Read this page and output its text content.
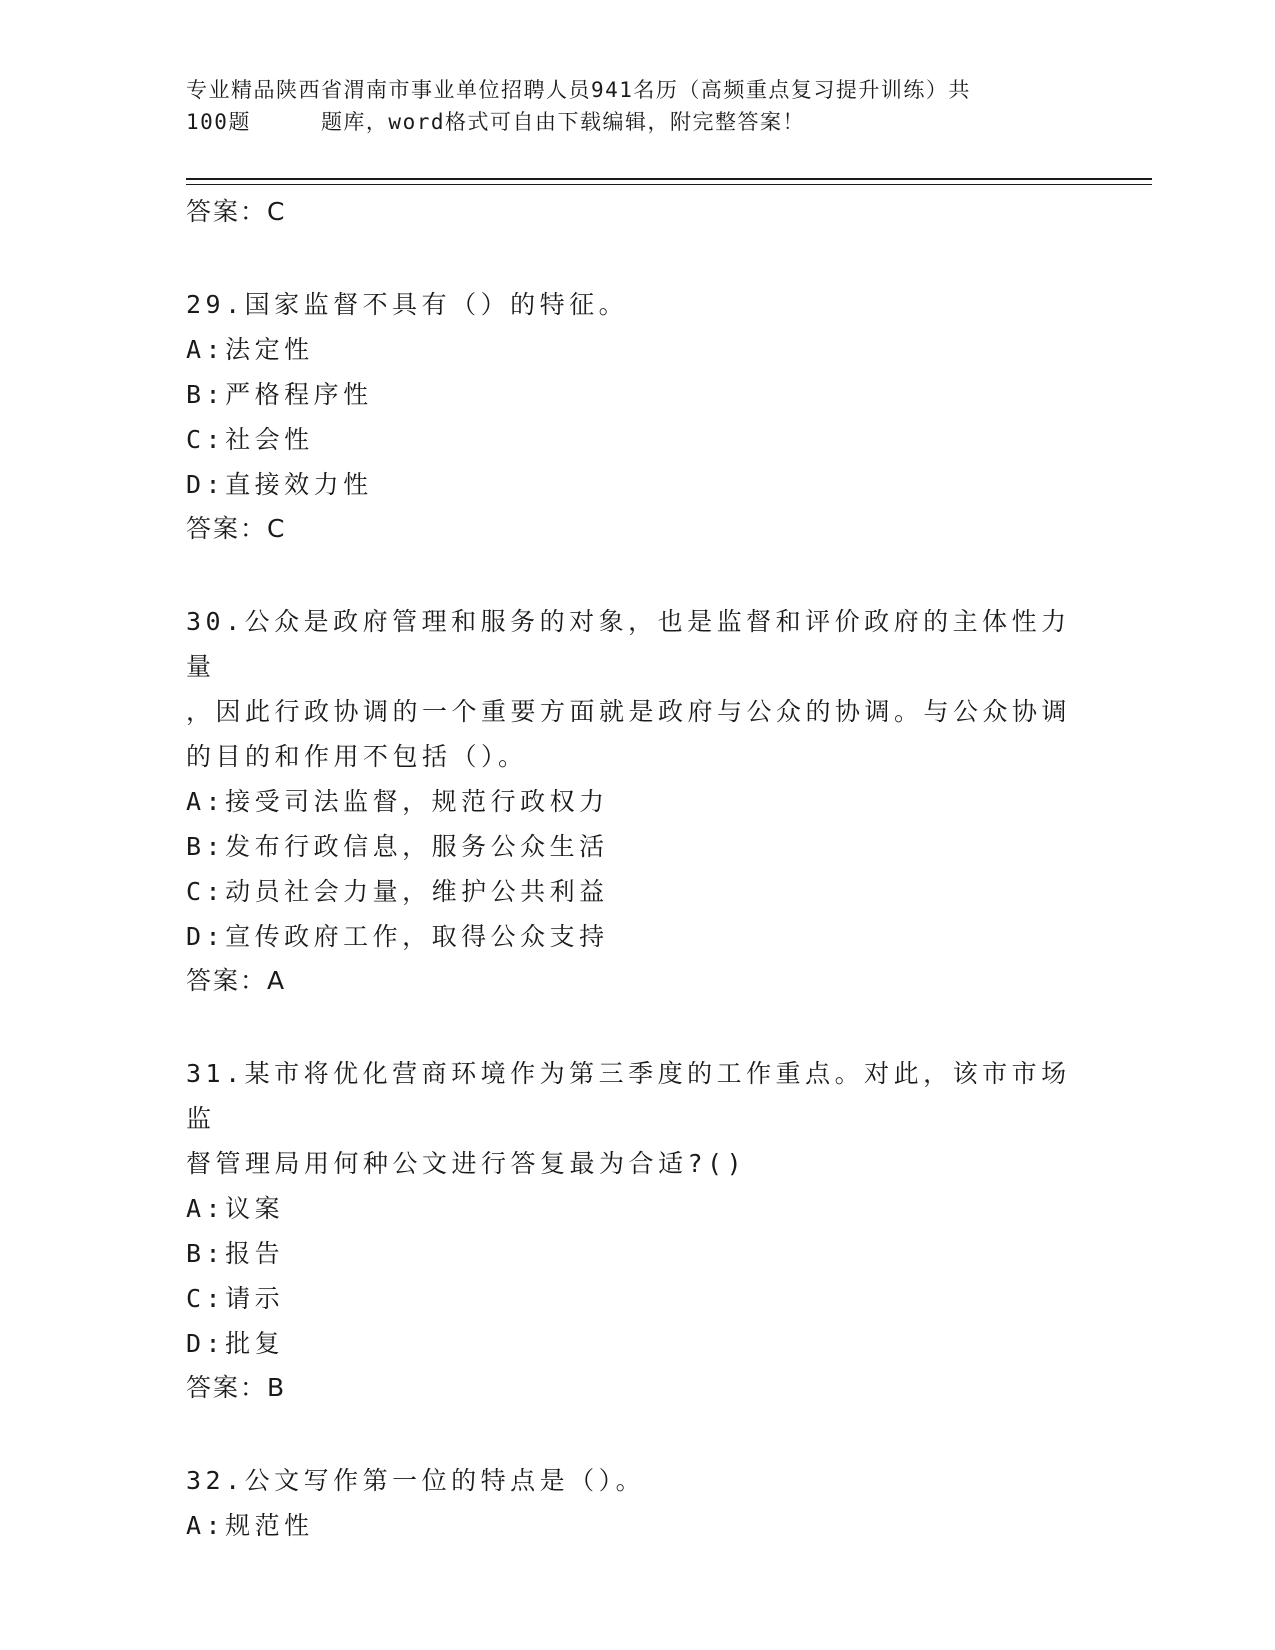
专业精品陕西省渭南市事业单位招聘人员941名历（高频重点复习提升训练）共
100题	题库，word格式可自由下载编辑，附完整答案！
答案：C
29.国家监督不具有（）的特征。
A:法定性
B:严格程序性
C:社会性
D:直接效力性
答案：C
30.公众是政府管理和服务的对象，也是监督和评价政府的主体性力量
，因此行政协调的一个重要方面就是政府与公众的协调。与公众协调
的目的和作用不包括（）。
A:接受司法监督，规范行政权力
B:发布行政信息，服务公众生活
C:动员社会力量，维护公共利益
D:宣传政府工作，取得公众支持
答案：A
31.某市将优化营商环境作为第三季度的工作重点。对此，该市市场监
督管理局用何种公文进行答复最为合适?()
A:议案
B:报告
C:请示
D:批复
答案：B
32.公文写作第一位的特点是（）。
A:规范性
